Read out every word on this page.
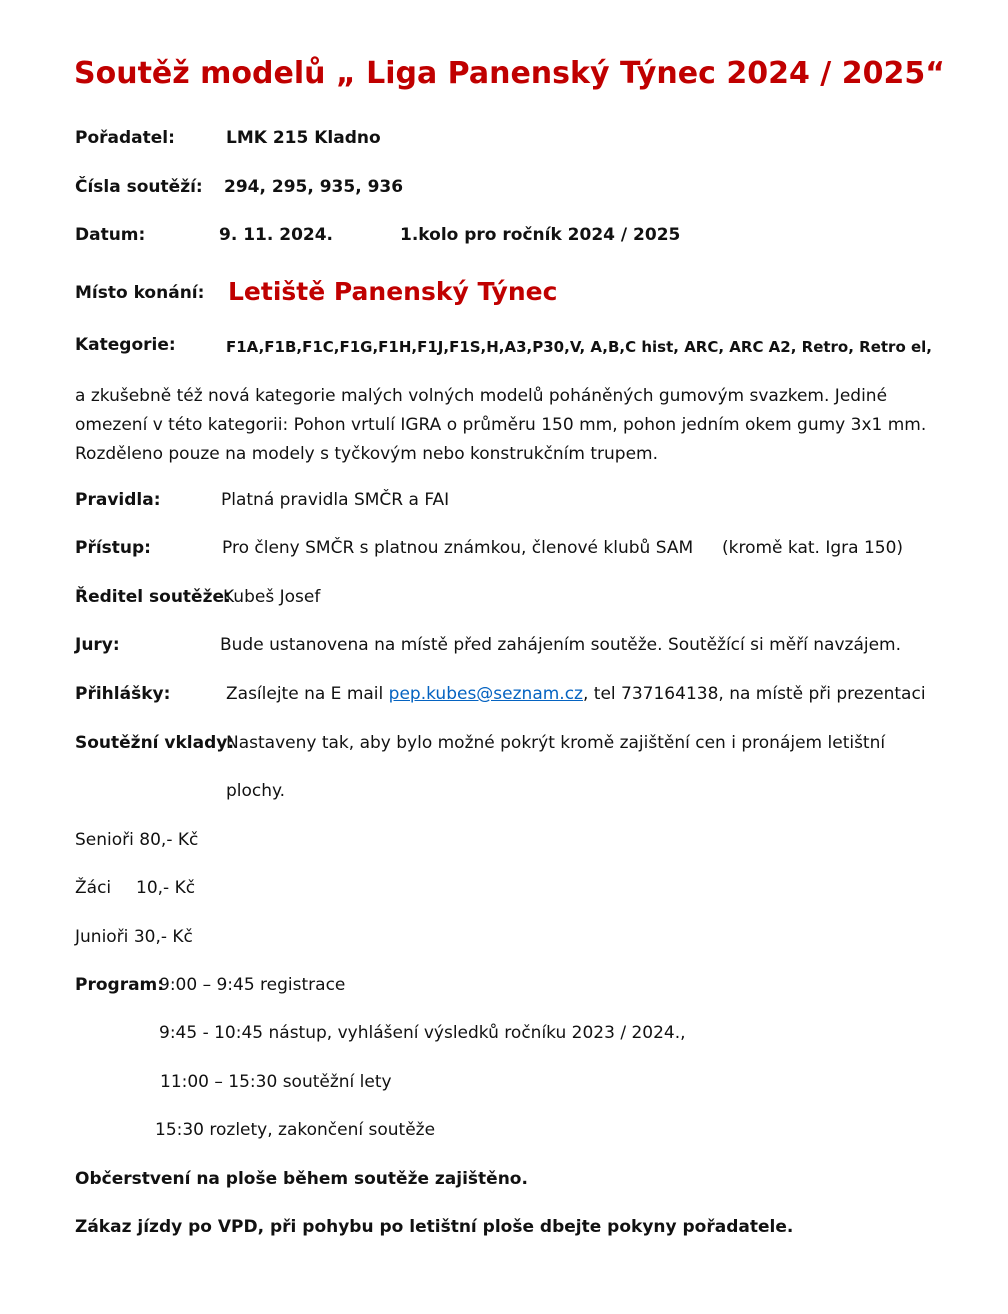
Soutěž modelů „ Liga Panenský Týnec 2024 / 2025“
Pořadatel:	LMK 215 Kladno
Čísla soutěží: 294, 295, 935, 936
Datum:	9. 11. 2024.	1.kolo pro ročník 2024 / 2025
Místo konání: Letiště Panenský Týnec
Kategorie:	F1A,F1B,F1C,F1G,F1H,F1J,F1S,H,A3,P30,V, A,B,C hist, ARC, ARC A2, Retro, Retro el,
a zkušebně též nová kategorie malých volných modelů poháněných gumovým svazkem. Jediné
omezení v této kategorii: Pohon vrtulí IGRA o průměru 150 mm, pohon jedním okem gumy 3x1 mm.
Rozděleno pouze na modely s tyčkovým nebo konstrukčním trupem.
Pravidla:	Platná pravidla SMČR a FAI
Přístup:	Pro členy SMČR s platnou známkou, členové klubů SAM (kromě kat. Igra 150)
Ředitel soutěže:
Kubeš Josef
Jury:	Bude ustanovena na místě před zahájením soutěže. Soutěžící si měří navzájem.
Přihlášky:	Zasílejte na E mail pep.kubes@seznam.cz, tel 737164138, na místě při prezentaci
Soutěžní vklady:
Nastaveny tak, aby bylo možné pokrýt kromě zajištění cen i pronájem letištní
plochy.
Senioři 80,- Kč
Žáci 10,- Kč
Junioři 30,- Kč
Program:
9:00 – 9:45 registrace
9:45 - 10:45 nástup, vyhlášení výsledků ročníku 2023 / 2024.,
11:00 – 15:30 soutěžní lety
15:30 rozlety, zakončení soutěže
Občerstvení na ploše během soutěže zajištěno.
Zákaz jízdy po VPD, při pohybu po letištní ploše dbejte pokyny pořadatele.
